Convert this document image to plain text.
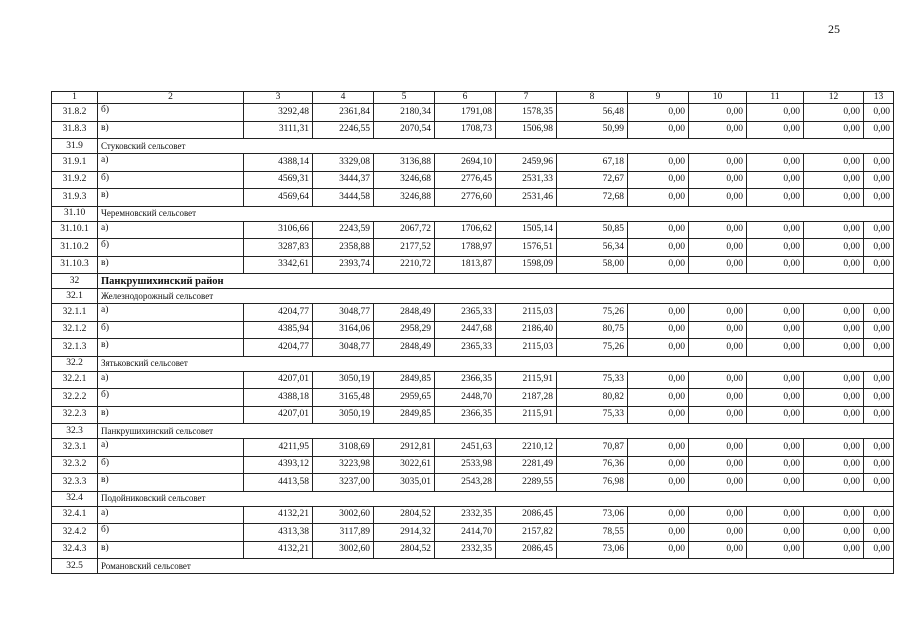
25
1	2	3	4	5	6	7	8	9	10	11	12	13
31.8.2	б)	3292,48	2361,84	2180,34	1791,08	1578,35	56,48	0,00	0,00	0,00	0,00	0,00
31.8.3	в)	3111,31	2246,55	2070,54	1708,73	1506,98	50,99	0,00	0,00	0,00	0,00	0,00
31.9	Стуковский сельсовет											
31.9.1	а)	4388,14	3329,08	3136,88	2694,10	2459,96	67,18	0,00	0,00	0,00	0,00	0,00
31.9.2	б)	4569,31	3444,37	3246,68	2776,45	2531,33	72,67	0,00	0,00	0,00	0,00	0,00
31.9.3	в)	4569,64	3444,58	3246,88	2776,60	2531,46	72,68	0,00	0,00	0,00	0,00	0,00
31.10	Черемновский сельсовет											
31.10.1	а)	3106,66	2243,59	2067,72	1706,62	1505,14	50,85	0,00	0,00	0,00	0,00	0,00
31.10.2	б)	3287,83	2358,88	2177,52	1788,97	1576,51	56,34	0,00	0,00	0,00	0,00	0,00
31.10.3	в)	3342,61	2393,74	2210,72	1813,87	1598,09	58,00	0,00	0,00	0,00	0,00	0,00
32	Панкрушихинский район											
32.1	Железнодорожный сельсовет											
32.1.1	а)	4204,77	3048,77	2848,49	2365,33	2115,03	75,26	0,00	0,00	0,00	0,00	0,00
32.1.2	б)	4385,94	3164,06	2958,29	2447,68	2186,40	80,75	0,00	0,00	0,00	0,00	0,00
32.1.3	в)	4204,77	3048,77	2848,49	2365,33	2115,03	75,26	0,00	0,00	0,00	0,00	0,00
32.2	Зятьковский сельсовет											
32.2.1	а)	4207,01	3050,19	2849,85	2366,35	2115,91	75,33	0,00	0,00	0,00	0,00	0,00
32.2.2	б)	4388,18	3165,48	2959,65	2448,70	2187,28	80,82	0,00	0,00	0,00	0,00	0,00
32.2.3	в)	4207,01	3050,19	2849,85	2366,35	2115,91	75,33	0,00	0,00	0,00	0,00	0,00
32.3	Панкрушихинский сельсовет											
32.3.1	а)	4211,95	3108,69	2912,81	2451,63	2210,12	70,87	0,00	0,00	0,00	0,00	0,00
32.3.2	б)	4393,12	3223,98	3022,61	2533,98	2281,49	76,36	0,00	0,00	0,00	0,00	0,00
32.3.3	в)	4413,58	3237,00	3035,01	2543,28	2289,55	76,98	0,00	0,00	0,00	0,00	0,00
32.4	Подойниковский сельсовет											
32.4.1	а)	4132,21	3002,60	2804,52	2332,35	2086,45	73,06	0,00	0,00	0,00	0,00	0,00
32.4.2	б)	4313,38	3117,89	2914,32	2414,70	2157,82	78,55	0,00	0,00	0,00	0,00	0,00
32.4.3	в)	4132,21	3002,60	2804,52	2332,35	2086,45	73,06	0,00	0,00	0,00	0,00	0,00
32.5	Романовский сельсовет											
